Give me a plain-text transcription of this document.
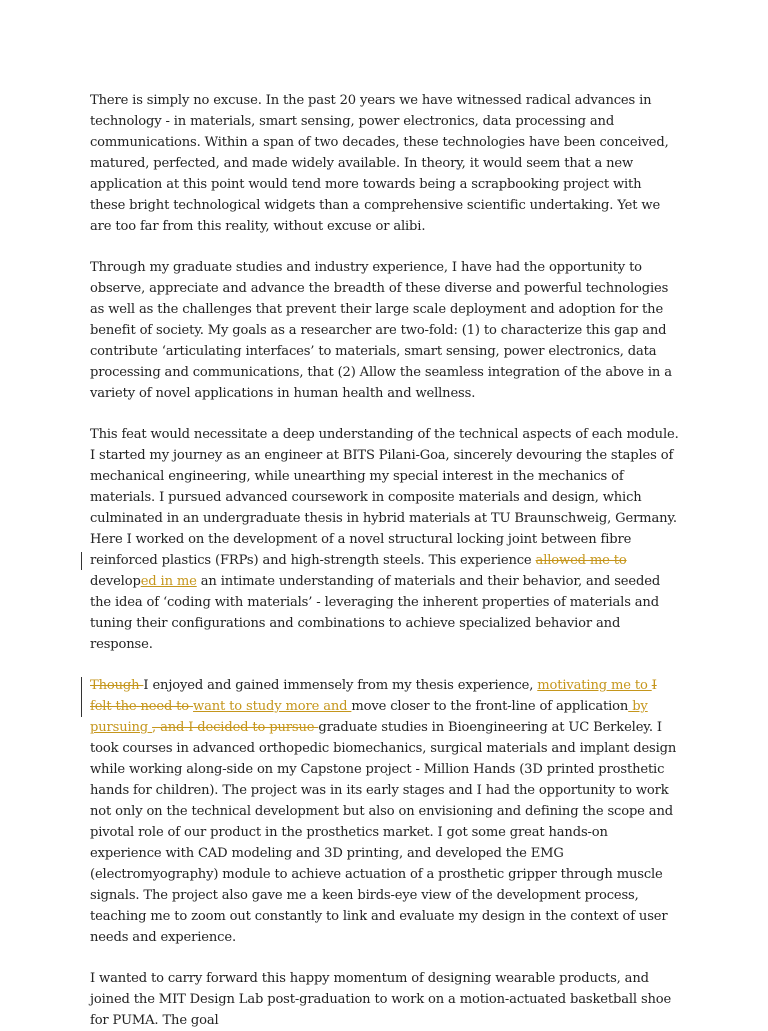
There is simply no excuse. In the past 20 years we have witnessed radical advances in technology - in materials, smart sensing, power electronics, data processing and communications. Within a span of two decades, these technologies have been conceived, matured, perfected, and made widely available. In theory, it would seem that a new application at this point would tend more towards being a scrapbooking project with these bright technological widgets than a comprehensive scientific undertaking. Yet we are too far from this reality, without excuse or alibi.

Through my graduate studies and industry experience, I have had the opportunity to observe, appreciate and advance the breadth of these diverse and powerful technologies as well as the challenges that prevent their large scale deployment and adoption for the benefit of society. My goals as a researcher are two-fold: (1) to characterize this gap and contribute ‘articulating interfaces’ to materials, smart sensing, power electronics, data processing and communications, that (2) Allow the seamless integration of the above in a variety of novel applications in human health and wellness.

This feat would necessitate a deep understanding of the technical aspects of each module. I started my journey as an engineer at BITS Pilani-Goa, sincerely devouring the staples of mechanical engineering, while unearthing my special interest in the mechanics of materials. I pursued advanced coursework in composite materials and design, which culminated in an undergraduate thesis in hybrid materials at TU Braunschweig, Germany. Here I worked on the development of a novel structural locking joint between fibre reinforced plastics (FRPs) and high-strength steels. This experience allowed me to developed in me an intimate understanding of materials and their behavior, and seeded the idea of ‘coding with materials’ - leveraging the inherent properties of materials and tuning their configurations and combinations to achieve specialized behavior and response.

Though I enjoyed and gained immensely from my thesis experience, motivating me to I felt the need to want to study more and move closer to the front-line of application by pursuing , and I decided to pursue graduate studies in Bioengineering at UC Berkeley. I took courses in advanced orthopedic biomechanics, surgical materials and implant design while working along-side on my Capstone project - Million Hands (3D printed prosthetic hands for children). The project was in its early stages and I had the opportunity to work not only on the technical development but also on envisioning and defining the scope and pivotal role of our product in the prosthetics market. I got some great hands-on experience with CAD modeling and 3D printing, and developed the EMG (electromyography) module to achieve actuation of a prosthetic gripper through muscle signals. The project also gave me a keen birds-eye view of the development process, teaching me to zoom out constantly to link and evaluate my design in the context of user needs and experience.

I wanted to carry forward this happy momentum of designing wearable products, and joined the MIT Design Lab post-graduation to work on a motion-actuated basketball shoe for PUMA. The goal
